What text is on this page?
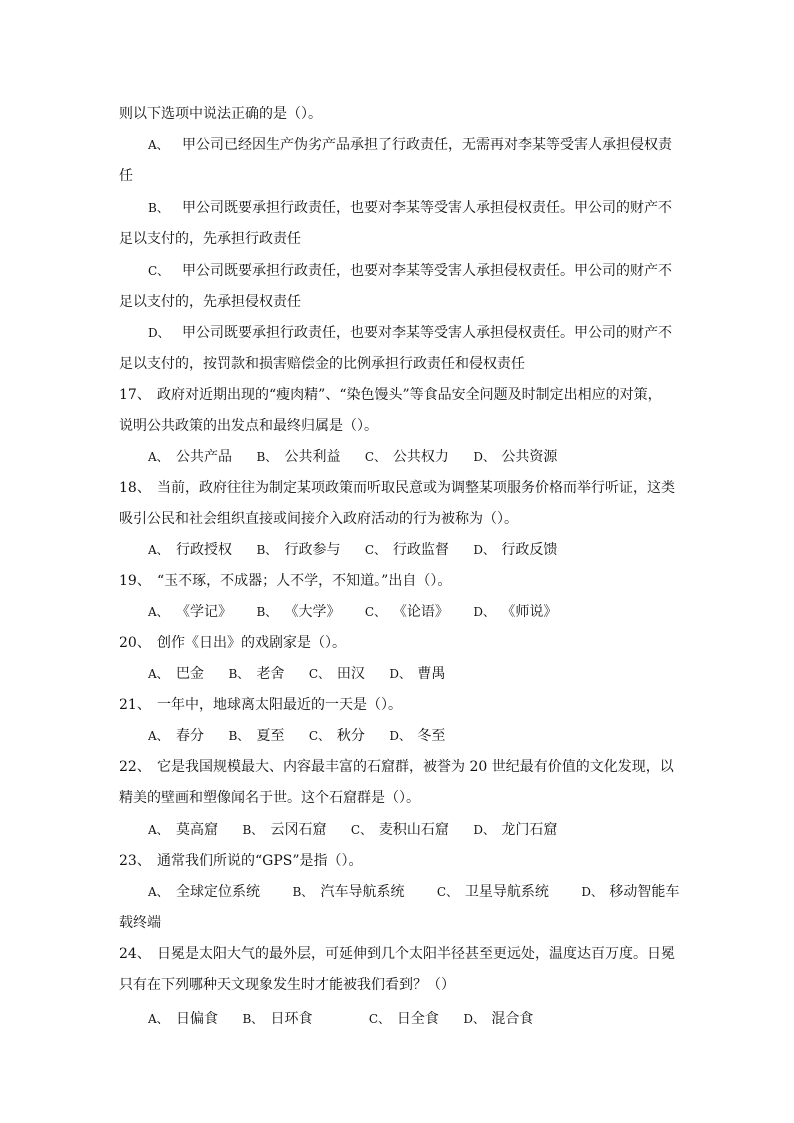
则以下选项中说法正确的是（）。
A、 甲公司已经因生产伪劣产品承担了行政责任，无需再对李某等受害人承担侵权责
任
B、 甲公司既要承担行政责任，也要对李某等受害人承担侵权责任。甲公司的财产不
足以支付的，先承担行政责任
C、 甲公司既要承担行政责任，也要对李某等受害人承担侵权责任。甲公司的财产不
足以支付的，先承担侵权责任
D、 甲公司既要承担行政责任，也要对李某等受害人承担侵权责任。甲公司的财产不
足以支付的，按罚款和损害赔偿金的比例承担行政责任和侵权责任
17、 政府对近期出现的“瘦肉精”、“染色馒头”等食品安全问题及时制定出相应的对策，
说明公共政策的出发点和最终归属是（）。
A、 公共产品 B、 公共利益 C、 公共权力 D、 公共资源
18、 当前，政府往往为制定某项政策而听取民意或为调整某项服务价格而举行听证，这类
吸引公民和社会组织直接或间接介入政府活动的行为被称为（）。
A、 行政授权 B、 行政参与 C、 行政监督 D、 行政反馈
19、 “玉不琢，不成器；人不学，不知道。”出自（）。
A、 《学记》 B、 《大学》 C、 《论语》 D、 《师说》
20、 创作《日出》的戏剧家是（）。
A、 巴金 B、 老舍 C、 田汉 D、 曹禺
21、 一年中，地球离太阳最近的一天是（）。
A、 春分 B、 夏至 C、 秋分 D、 冬至
22、 它是我国规模最大、内容最丰富的石窟群，被誉为 20 世纪最有价值的文化发现，以
精美的壁画和塑像闻名于世。这个石窟群是（）。
A、 莫高窟 B、 云冈石窟 C、 麦积山石窟 D、 龙门石窟
23、 通常我们所说的“GPS”是指（）。
A、 全球定位系统	B、 汽车导航系统	C、 卫星导航系统	D、 移动智能车
载终端
24、 日冕是太阳大气的最外层，可延伸到几个太阳半径甚至更远处，温度达百万度。日冕
只有在下列哪种天文现象发生时才能被我们看到？（）
A、 日偏食 B、 日环食	C、 日全食 D、 混合食
